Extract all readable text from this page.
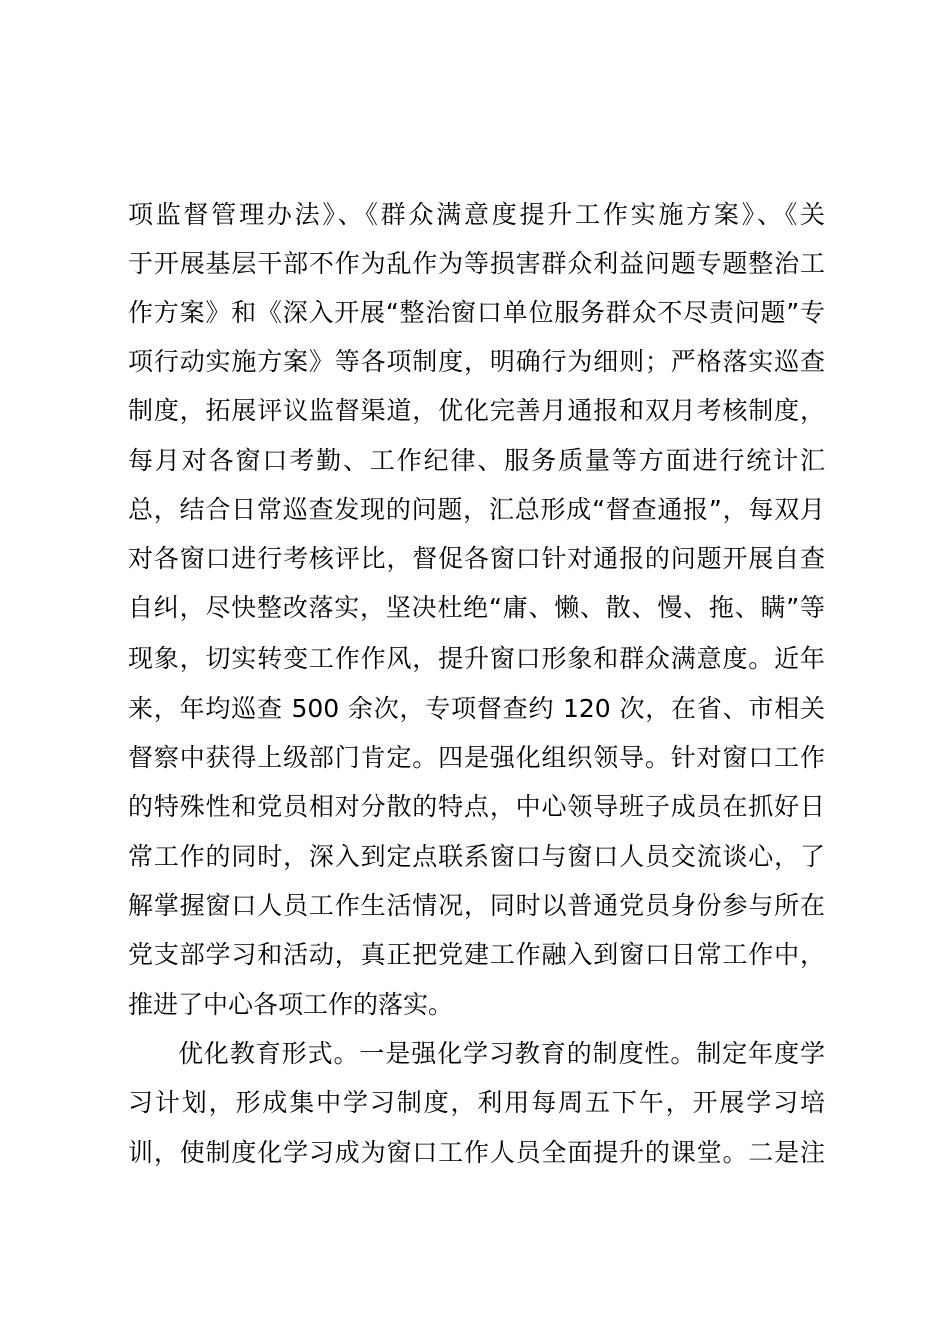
项监督管理办法》、《群众满意度提升工作实施方案》、《关
于开展基层干部不作为乱作为等损害群众利益问题专题整治工
作方案》和《深入开展“整治窗口单位服务群众不尽责问题”专
项行动实施方案》等各项制度，明确行为细则；严格落实巡查
制度，拓展评议监督渠道，优化完善月通报和双月考核制度，
每月对各窗口考勤、工作纪律、服务质量等方面进行统计汇
总，结合日常巡查发现的问题，汇总形成“督查通报”，每双月
对各窗口进行考核评比，督促各窗口针对通报的问题开展自查
自纠，尽快整改落实，坚决杜绝“庸、懒、散、慢、拖、瞒”等
现象，切实转变工作作风，提升窗口形象和群众满意度。近年
来，年均巡查 500 余次，专项督查约 120 次，在省、市相关
督察中获得上级部门肯定。四是强化组织领导。针对窗口工作
的特殊性和党员相对分散的特点，中心领导班子成员在抓好日
常工作的同时，深入到定点联系窗口与窗口人员交流谈心，了
解掌握窗口人员工作生活情况，同时以普通党员身份参与所在
党支部学习和活动，真正把党建工作融入到窗口日常工作中，
推进了中心各项工作的落实。
优化教育形式。一是强化学习教育的制度性。制定年度学
习计划，形成集中学习制度，利用每周五下午，开展学习培
训，使制度化学习成为窗口工作人员全面提升的课堂。二是注
